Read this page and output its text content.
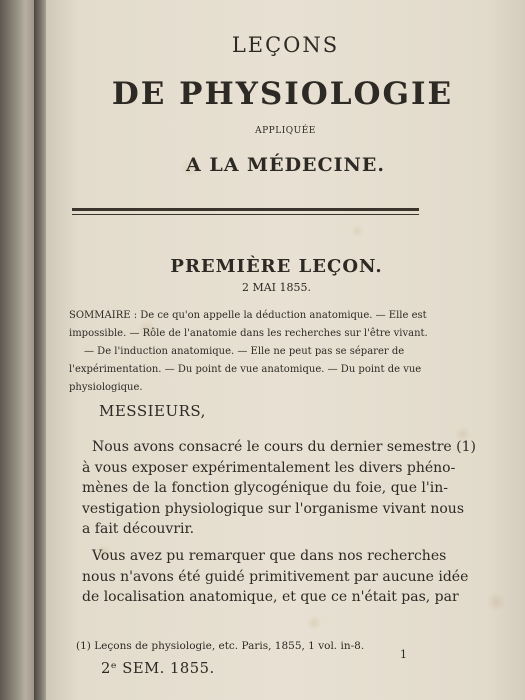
LEÇONS
DE PHYSIOLOGIE
APPLIQUÉE
A LA MÉDECINE.
PREMIÈRE LEÇON.
2 MAI 1855.
SOMMAIRE : De ce qu'on appelle la déduction anatomique. — Elle est
impossible. — Rôle de l'anatomie dans les recherches sur l'être vivant.
— De l'induction anatomique. — Elle ne peut pas se séparer de
l'expérimentation. — Du point de vue anatomique. — Du point de vue
physiologique.
MESSIEURS,
Nous avons consacré le cours du dernier semestre (1)
à vous exposer expérimentalement les divers phéno-
mènes de la fonction glycogénique du foie, que l'in-
vestigation physiologique sur l'organisme vivant nous
a fait découvrir.
Vous avez pu remarquer que dans nos recherches
nous n'avons été guidé primitivement par aucune idée
de localisation anatomique, et que ce n'était pas, par
(1) Leçons de physiologie, etc. Paris, 1855, 1 vol. in-8.
2ᵉ SEM. 1855.
1
